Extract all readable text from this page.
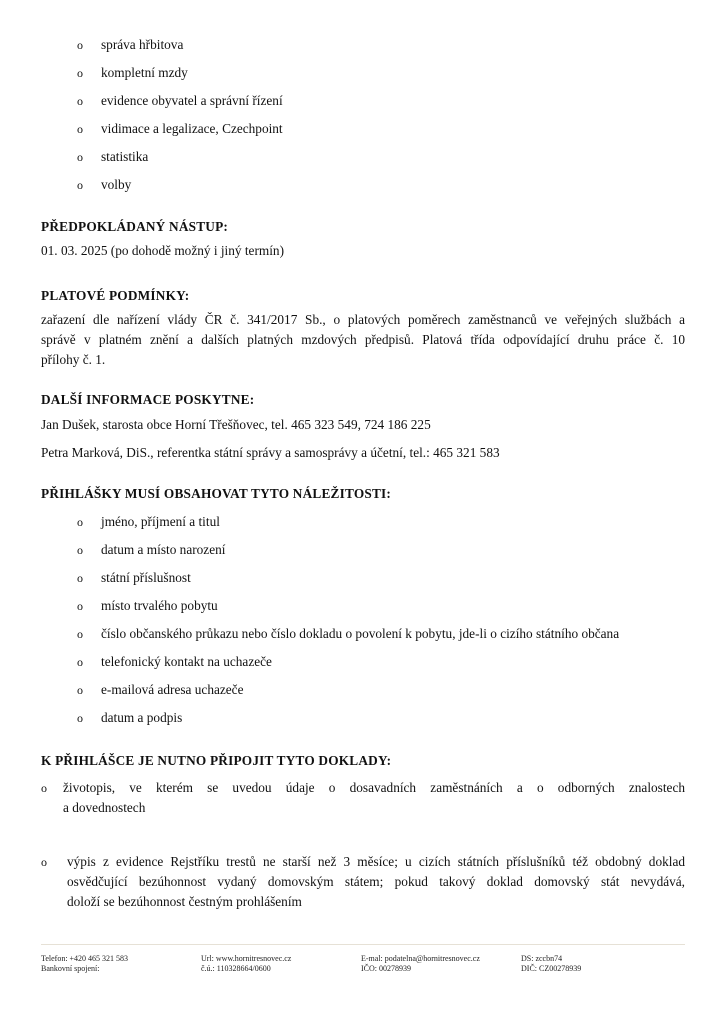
o správa hřbitova
o kompletní mzdy
o evidence obyvatel a správní řízení
o vidimace a legalizace, Czechpoint
o statistika
o volby
PŘEDPOKLÁDANÝ NÁSTUP:
01. 03. 2025 (po dohodě možný i jiný termín)
PLATOVÉ PODMÍNKY:

zařazení dle nařízení vlády ČR č. 341/2017 Sb., o platových poměrech zaměstnanců ve veřejných službách a

správě v platném znění a dalších platných mzdových předpisů. Platová třída odpovídající druhu práce č. 10

přílohy č. 1.

DALŠÍ INFORMACE POSKYTNE:
Jan Dušek, starosta obce Horní Třešňovec, tel. 465 323 549, 724 186 225
Petra Marková, DiS., referentka státní správy a samosprávy a účetní, tel.: 465 321 583
PŘIHLÁŠKY MUSÍ OBSAHOVAT TYTO NÁLEŽITOSTI:
o jméno, příjmení a titul
o datum a místo narození
o státní příslušnost
o místo trvalého pobytu
o číslo občanského průkazu nebo číslo dokladu o povolení k pobytu, jde-li o cizího státního občana
o telefonický kontakt na uchazeče
o e-mailová adresa uchazeče
o datum a podpis
K PŘIHLÁŠCE JE NUTNO PŘIPOJIT TYTO DOKLADY:
o životopis, ve kterém se uvedou údaje o dosavadních zaměstnáních a o odborných znalostech

a dovednostech

o výpis z evidence Rejstříku trestů ne starší než 3 měsíce; u cizích státních příslušníků též obdobný doklad

osvědčující bezúhonnost vydaný domovským státem; pokud takový doklad domovský stát nevydává,

doloží se bezúhonnost čestným prohlášením

Telefon: +420 465 321 583
Bankovní spojení:
Url: www.hornitresnovec.cz
č.ú.: 110328664/0600
E-mal: podatelna@hornitresnovec.cz
IČO: 00278939
DS: zccbn74
DIČ: CZ00278939
